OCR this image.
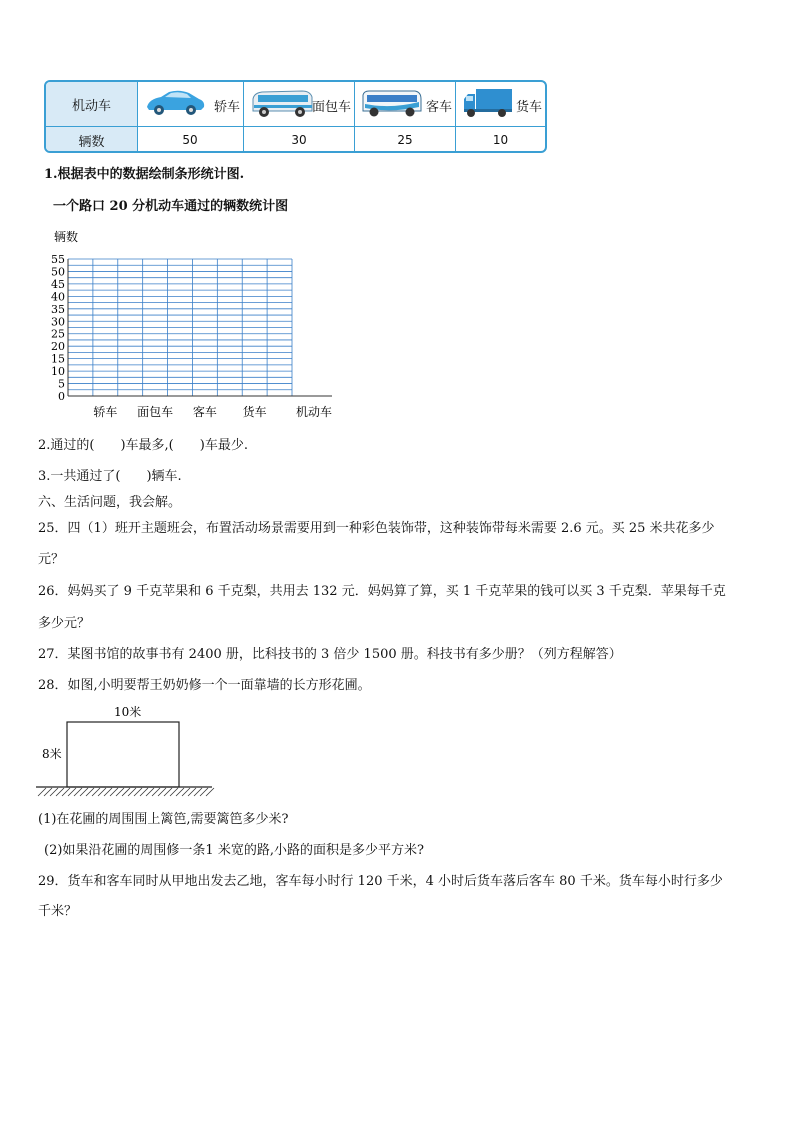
机动车	轿车	面包车	客车	货车
辆数	50	30	25	10
1.根据表中的数据绘制条形统计图.
一个路口 20 分机动车通过的辆数统计图
55
50
45
40
35
30
25
20
15
10
5
0
轿车 面包车 客车 货车
辆数
机动车
2.通过的(　　)车最多,(　　)车最少.
3.一共通过了(　　)辆车.
六、生活问题，我会解。
25．四（1）班开主题班会，布置活动场景需要用到一种彩色装饰带，这种装饰带每米需要 2.6 元。买 25 米共花多少
元？
26．妈妈买了 9 千克苹果和 6 千克梨，共用去 132 元．妈妈算了算，买 1 千克苹果的钱可以买 3 千克梨．苹果每千克
多少元？
27．某图书馆的故事书有 2400 册，比科技书的 3 倍少 1500 册。科技书有多少册？（列方程解答）
28．如图,小明要帮王奶奶修一个一面靠墙的长方形花圃。
10米
8米
(1)在花圃的周围围上篱笆,需要篱笆多少米?
(2)如果沿花圃的周围修一条1 米宽的路,小路的面积是多少平方米?
29．货车和客车同时从甲地出发去乙地，客车每小时行 120 千米，4 小时后货车落后客车 80 千米。货车每小时行多少
千米？
